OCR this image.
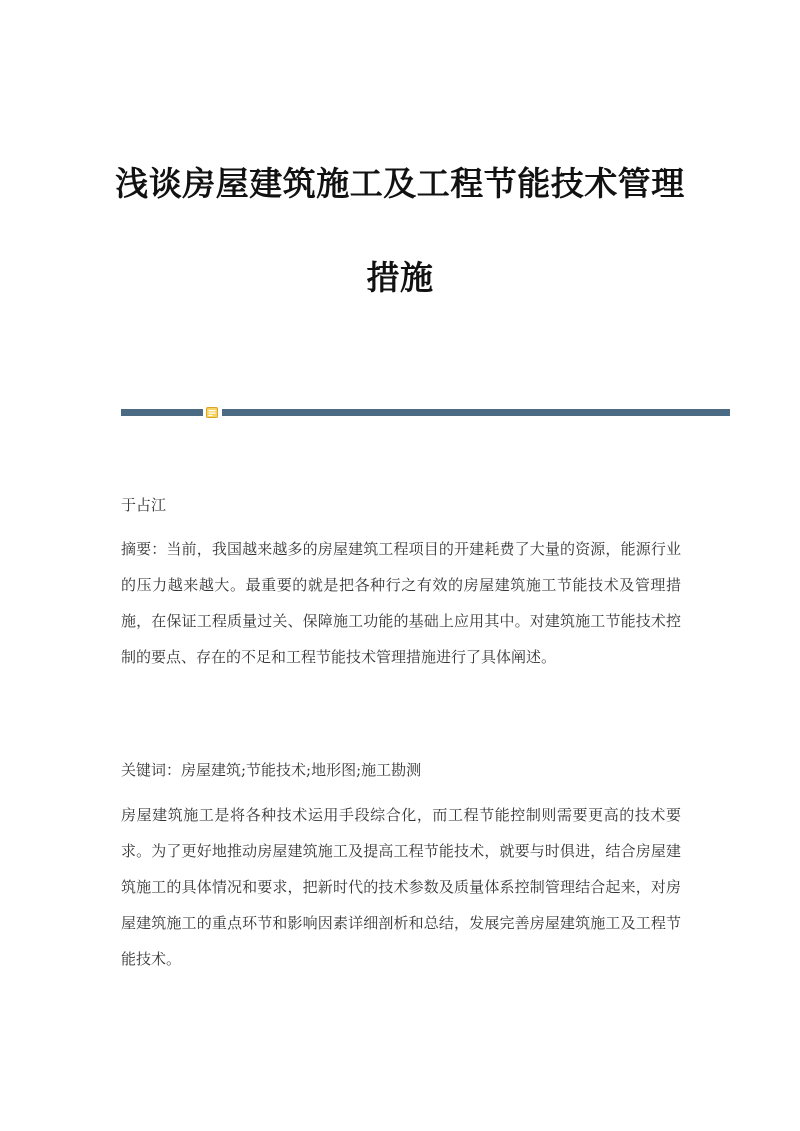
浅谈房屋建筑施工及工程节能技术管理
措施
于占江

摘要：当前，我国越来越多的房屋建筑工程项目的开建耗费了大量的资源，能源行业的压力越来越大。最重要的就是把各种行之有效的房屋建筑施工节能技术及管理措施，在保证工程质量过关、保障施工功能的基础上应用其中。对建筑施工节能技术控制的要点、存在的不足和工程节能技术管理措施进行了具体阐述。

关键词：房屋建筑;节能技术;地形图;施工勘测

房屋建筑施工是将各种技术运用手段综合化，而工程节能控制则需要更高的技术要求。为了更好地推动房屋建筑施工及提高工程节能技术，就要与时俱进，结合房屋建筑施工的具体情况和要求，把新时代的技术参数及质量体系控制管理结合起来，对房屋建筑施工的重点环节和影响因素详细剖析和总结，发展完善房屋建筑施工及工程节能技术。
